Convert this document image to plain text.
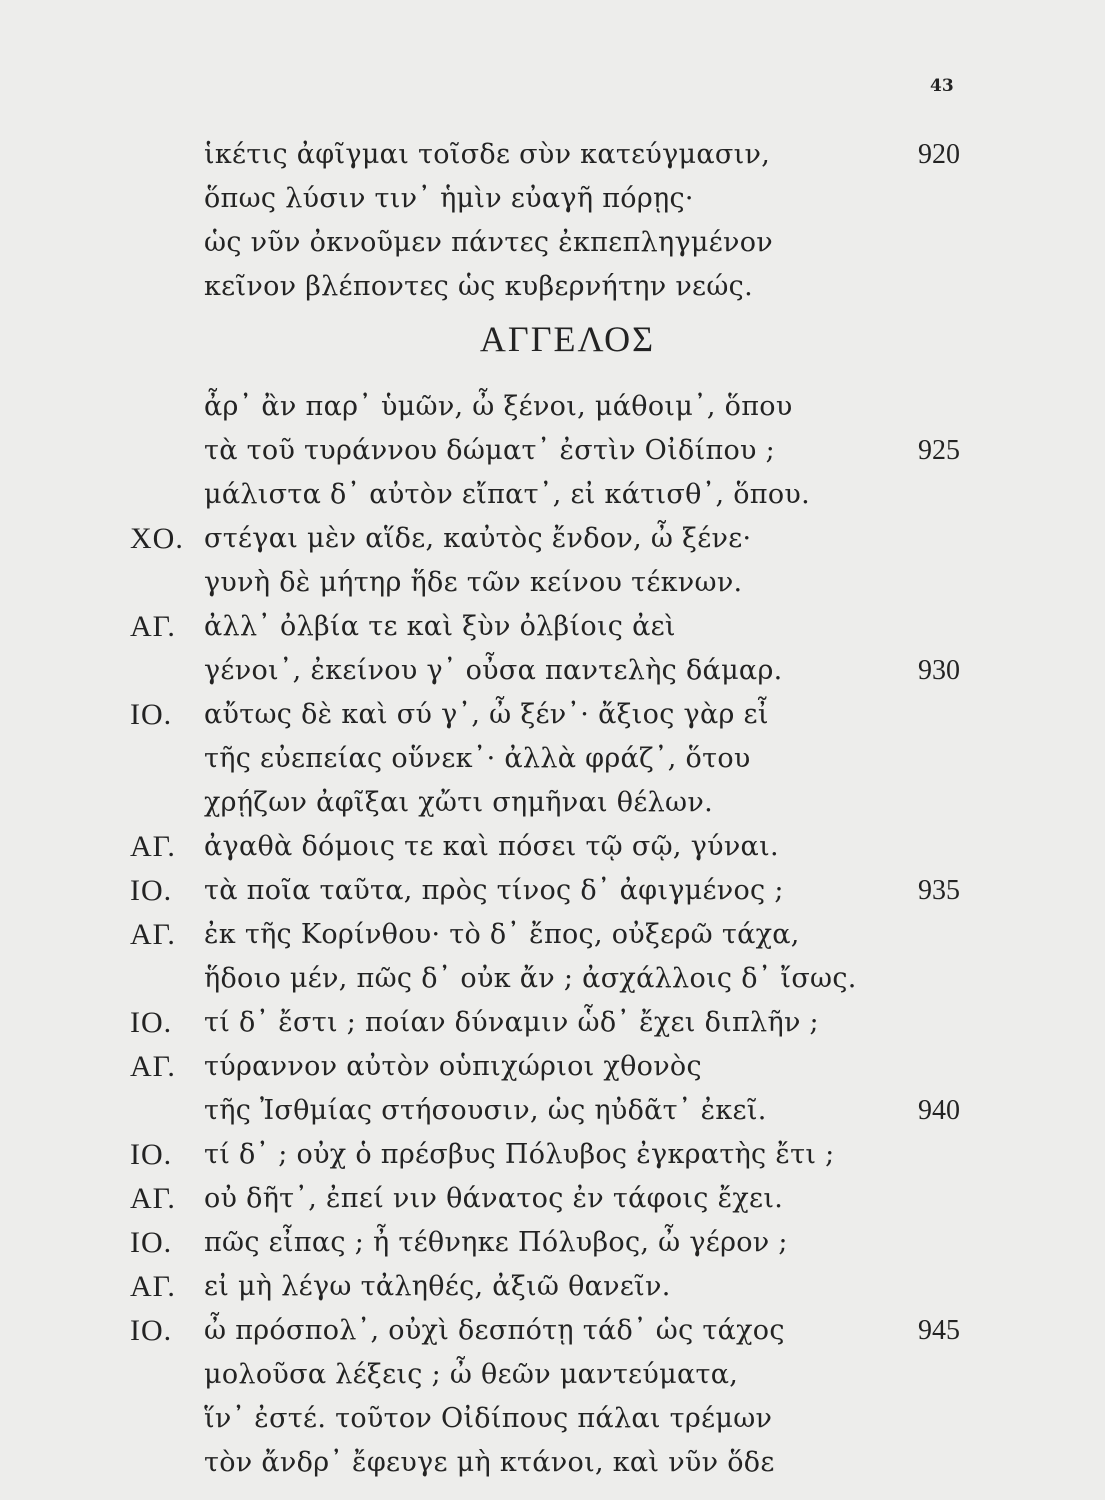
43
ἱκέτις ἀφῖγμαι τοῖσδε σὺν κατεύγμασιν,	920
ὅπως λύσιν τιν᾽ ἡμὶν εὐαγῆ πόρῃς·
ὡς νῦν ὀκνοῦμεν πάντες ἐκπεπληγμένον
κεῖνον βλέποντες ὡς κυβερνήτην νεώς.
ΑΓΓΕΛΟΣ
ἆρ᾽ ἂν παρ᾽ ὑμῶν, ὦ ξένοι, μάθοιμ᾽, ὅπου
τὰ τοῦ τυράννου δώματ᾽ ἐστὶν Οἰδίπου ;	925
μάλιστα δ᾽ αὐτὸν εἴπατ᾽, εἰ κάτισθ᾽, ὅπου.
ΧΟ. στέγαι μὲν αἵδε, καὐτὸς ἔνδον, ὦ ξένε·
γυνὴ δὲ μήτηρ ἥδε τῶν κείνου τέκνων.
ΑΓ. ἀλλ᾽ ὀλβία τε καὶ ξὺν ὀλβίοις ἀεὶ
γένοι᾽, ἐκείνου γ᾽ οὖσα παντελὴς δάμαρ.	930
ΙΟ. αὔτως δὲ καὶ σύ γ᾽, ὦ ξέν᾽· ἄξιος γὰρ εἶ
τῆς εὐεπείας οὕνεκ᾽· ἀλλὰ φράζ᾽, ὅτου
χρῄζων ἀφῖξαι χὤτι σημῆναι θέλων.
ΑΓ. ἀγαθὰ δόμοις τε καὶ πόσει τῷ σῷ, γύναι.
ΙΟ. τὰ ποῖα ταῦτα, πρὸς τίνος δ᾽ ἀφιγμένος ;	935
ΑΓ. ἐκ τῆς Κορίνθου· τὸ δ᾽ ἔπος, οὐξερῶ τάχα,
ἥδοιο μέν, πῶς δ᾽ οὐκ ἄν ; ἀσχάλλοις δ᾽ ἴσως.
ΙΟ. τί δ᾽ ἔστι ; ποίαν δύναμιν ὧδ᾽ ἔχει διπλῆν ;
ΑΓ. τύραννον αὐτὸν οὑπιχώριοι χθονὸς
τῆς Ἰσθμίας στήσουσιν, ὡς ηὐδᾶτ᾽ ἐκεῖ.	940
ΙΟ. τί δ᾽ ; οὐχ ὁ πρέσβυς Πόλυβος ἐγκρατὴς ἔτι ;
ΑΓ. οὐ δῆτ᾽, ἐπεί νιν θάνατος ἐν τάφοις ἔχει.
ΙΟ. πῶς εἶπας ; ἦ τέθνηκε Πόλυβος, ὦ γέρον ;
ΑΓ. εἰ μὴ λέγω τἀληθές, ἀξιῶ θανεῖν.
ΙΟ. ὦ πρόσπολ᾽, οὐχὶ δεσπότῃ τάδ᾽ ὡς τάχος	945
μολοῦσα λέξεις ; ὦ θεῶν μαντεύματα,
ἵν᾽ ἐστέ. τοῦτον Οἰδίπους πάλαι τρέμων
τὸν ἄνδρ᾽ ἔφευγε μὴ κτάνοι, καὶ νῦν ὅδε
